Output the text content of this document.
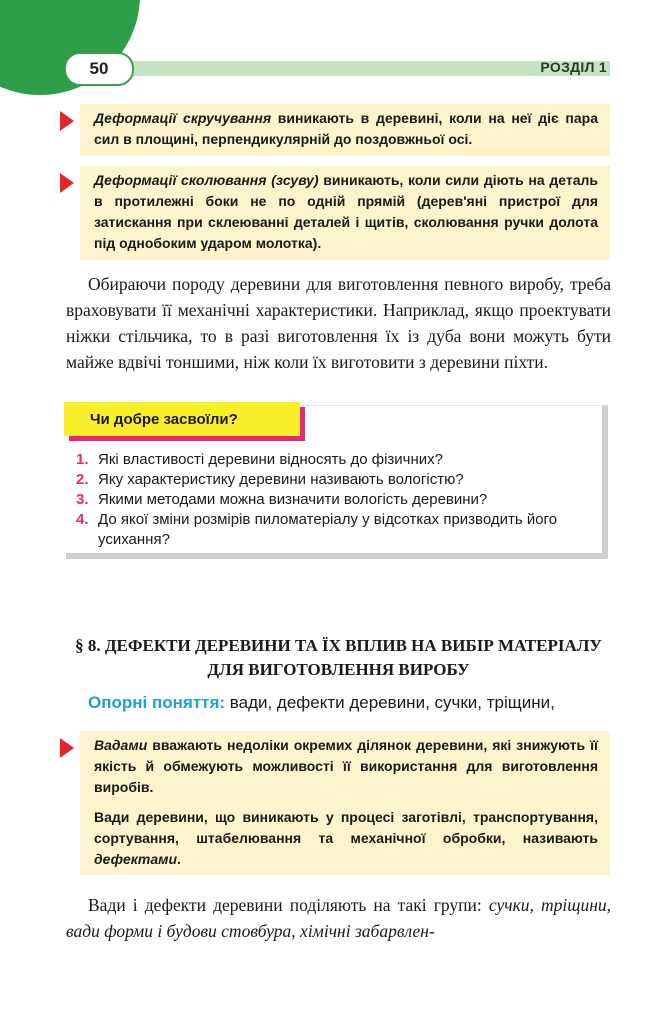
50	РОЗДІЛ 1

Деформації скручування виникають в деревині, коли на неї діє пара сил в площині, перпендикулярній до поздовжньої осі.

Деформації сколювання (зсуву) виникають, коли сили діють на деталь в протилежні боки не по одній прямій (дерев'яні пристрої для затискання при склеюванні деталей і щитів, сколювання ручки долота під однобоким ударом молотка).

Обираючи породу деревини для виготовлення певного виробу, треба враховувати її механічні характеристики. Наприклад, якщо проектувати ніжки стільчика, то в разі виготовлення їх із дуба вони можуть бути майже вдвічі тоншими, ніж коли їх виготовити з деревини піхти.

Чи добре засвоїли?
1. Які властивості деревини відносять до фізичних?
2. Яку характеристику деревини називають вологістю?
3. Якими методами можна визначити вологість деревини?
4. До якої зміни розмірів пиломатеріалу у відсотках призводить його усихання?
§ 8. ДЕФЕКТИ ДЕРЕВИНИ ТА ЇХ ВПЛИВ НА ВИБІР МАТЕРІАЛУ ДЛЯ ВИГОТОВЛЕННЯ ВИРОБУ
Опорні поняття: вади, дефекти деревини, сучки, тріщини,

Вадами вважають недоліки окремих ділянок деревини, які знижують її якість й обмежують можливості її використання для виготовлення виробів.

Вади деревини, що виникають у процесі заготівлі, транспортування, сортування, штабелювання та механічної обробки, називають дефектами.

Вади і дефекти деревини поділяють на такі групи: сучки, тріщини, вади форми і будови стовбура, хімічні забарвлен-
